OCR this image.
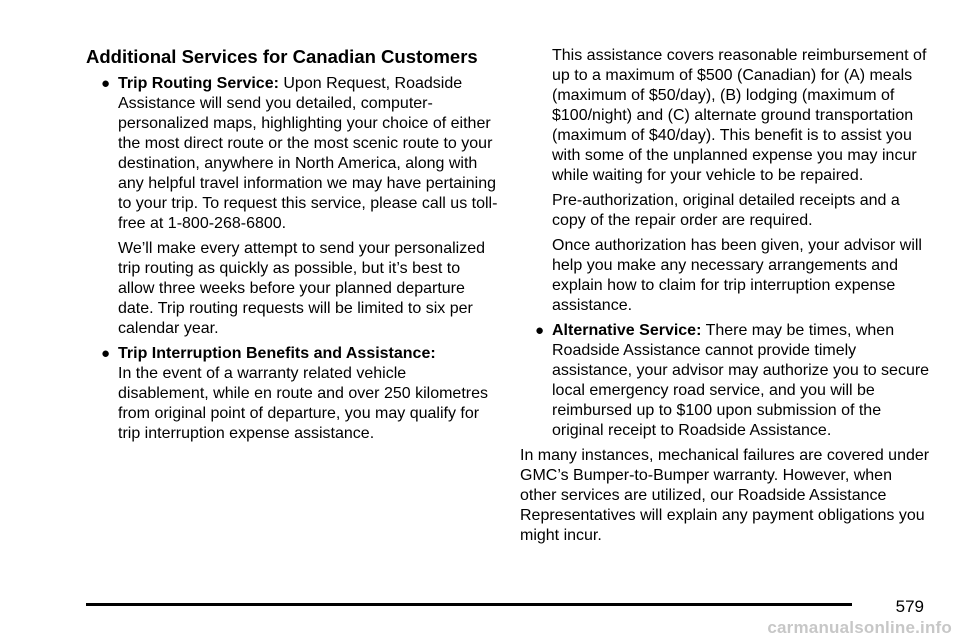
Additional Services for Canadian Customers
● Trip Routing Service: Upon Request, Roadside Assistance will send you detailed, computer-personalized maps, highlighting your choice of either the most direct route or the most scenic route to your destination, anywhere in North America, along with any helpful travel information we may have pertaining to your trip. To request this service, please call us toll-free at 1-800-268-6800.

We’ll make every attempt to send your personalized trip routing as quickly as possible, but it’s best to allow three weeks before your planned departure date. Trip routing requests will be limited to six per calendar year.

● Trip Interruption Benefits and Assistance:
In the event of a warranty related vehicle disablement, while en route and over 250 kilometres from original point of departure, you may qualify for trip interruption expense assistance.

This assistance covers reasonable reimbursement of up to a maximum of $500 (Canadian) for (A) meals (maximum of $50/day), (B) lodging (maximum of $100/night) and (C) alternate ground transportation (maximum of $40/day). This benefit is to assist you with some of the unplanned expense you may incur while waiting for your vehicle to be repaired.

Pre-authorization, original detailed receipts and a copy of the repair order are required.

Once authorization has been given, your advisor will help you make any necessary arrangements and explain how to claim for trip interruption expense assistance.

● Alternative Service: There may be times, when Roadside Assistance cannot provide timely assistance, your advisor may authorize you to secure local emergency road service, and you will be reimbursed up to $100 upon submission of the original receipt to Roadside Assistance.

In many instances, mechanical failures are covered under GMC’s Bumper-to-Bumper warranty. However, when other services are utilized, our Roadside Assistance Representatives will explain any payment obligations you might incur.

579
carmanualsonline.info
